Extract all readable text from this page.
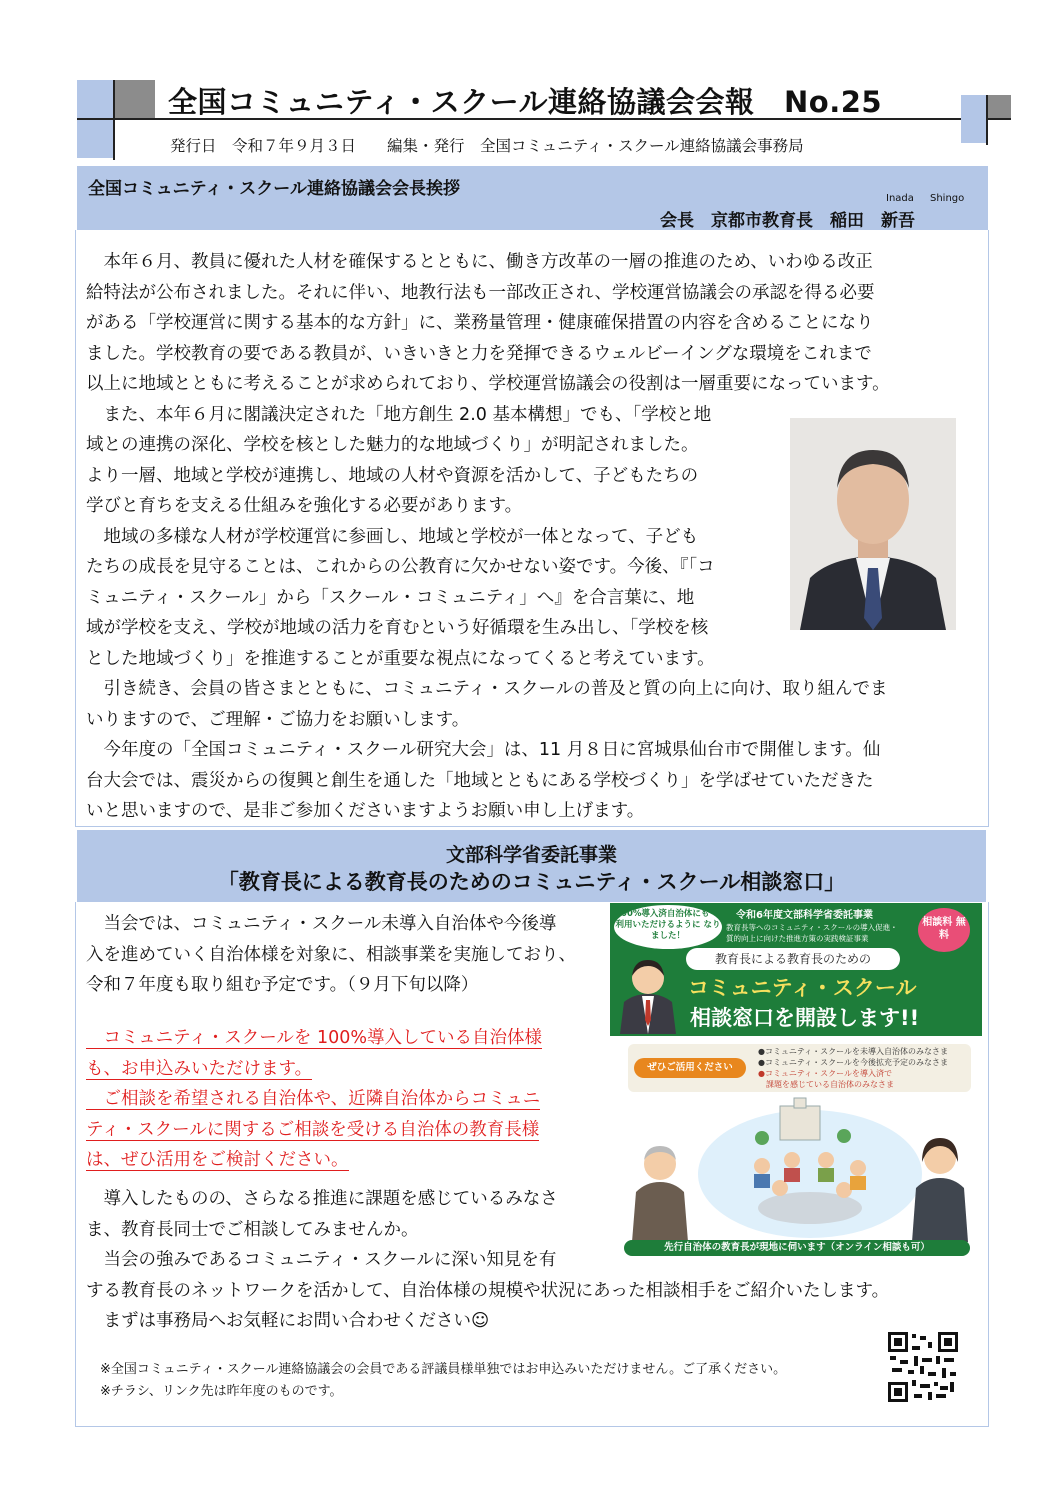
全国コミュニティ・スクール連絡協議会会報　No.25
発行日　令和７年９月３日　　編集・発行　全国コミュニティ・スクール連絡協議会事務局
全国コミュニティ・スクール連絡協議会会長挨拶	Inada Shingo
会長　京都市教育長　稲田　新吾
　本年６月、教員に優れた人材を確保するとともに、働き方改革の一層の推進のため、いわゆる改正
給特法が公布されました。それに伴い、地教行法も一部改正され、学校運営協議会の承認を得る必要
がある「学校運営に関する基本的な方針」に、業務量管理・健康確保措置の内容を含めることになり
ました。学校教育の要である教員が、いきいきと力を発揮できるウェルビーイングな環境をこれまで
以上に地域とともに考えることが求められており、学校運営協議会の役割は一層重要になっています。
　また、本年６月に閣議決定された「地方創生 2.0 基本構想」でも、「学校と地
域との連携の深化、学校を核とした魅力的な地域づくり」が明記されました。
より一層、地域と学校が連携し、地域の人材や資源を活かして、子どもたちの
学びと育ちを支える仕組みを強化する必要があります。
　地域の多様な人材が学校運営に参画し、地域と学校が一体となって、子ども
たちの成長を見守ることは、これからの公教育に欠かせない姿です。今後、『「コ
ミュニティ・スクール」から「スクール・コミュニティ」へ』を合言葉に、地
域が学校を支え、学校が地域の活力を育むという好循環を生み出し、「学校を核
とした地域づくり」を推進することが重要な視点になってくると考えています。
　引き続き、会員の皆さまとともに、コミュニティ・スクールの普及と質の向上に向け、取り組んでま
いりますので、ご理解・ご協力をお願いします。
　今年度の「全国コミュニティ・スクール研究大会」は、11 月８日に宮城県仙台市で開催します。仙
台大会では、震災からの復興と創生を通した「地域とともにある学校づくり」を学ばせていただきた
いと思いますので、是非ご参加くださいますようお願い申し上げます。
文部科学省委託事業
「教育長による教育長のためのコミュニティ・スクール相談窓口」
　当会では、コミュニティ・スクール未導入自治体や今後導
入を進めていく自治体様を対象に、相談事業を実施しており、
令和７年度も取り組む予定です。（９月下旬以降）
　コミュニティ・スクールを 100%導入している自治体様
も、お申込みいただけます。
　ご相談を希望される自治体や、近隣自治体からコミュニ
ティ・スクールに関するご相談を受ける自治体の教育長様
は、ぜひ活用をご検討ください。
　導入したものの、さらなる推進に課題を感じているみなさ
ま、教育長同士でご相談してみませんか。
　当会の強みであるコミュニティ・スクールに深い知見を有
する教育長のネットワークを活かして、自治体様の規模や状況にあった相談相手をご紹介いたします。
　まずは事務局へお気軽にお問い合わせください☺
※全国コミュニティ・スクール連絡協議会の会員である評議員様単独ではお申込みいただけません。ご了承ください。
※チラシ、リンク先は昨年度のものです。
100%導入済自治体にも ご利用いただけるように なりました！
令和6年度文部科学省委託事業
教育長等へのコミュニティ・スクールの導入促進・
質的向上に向けた推進方策の実践検証事業
相談料 無料
教育長による教育長のための
コミュニティ・スクール
相談窓口を開設します!!
ぜひご活用ください
●コミュニティ・スクールを未導入自治体のみなさま
●コミュニティ・スクールを今後拡充予定のみなさま
●コミュニティ・スクールを導入済で
　課題を感じている自治体のみなさま
先行自治体の教育長が現地に伺います（オンライン相談も可）
